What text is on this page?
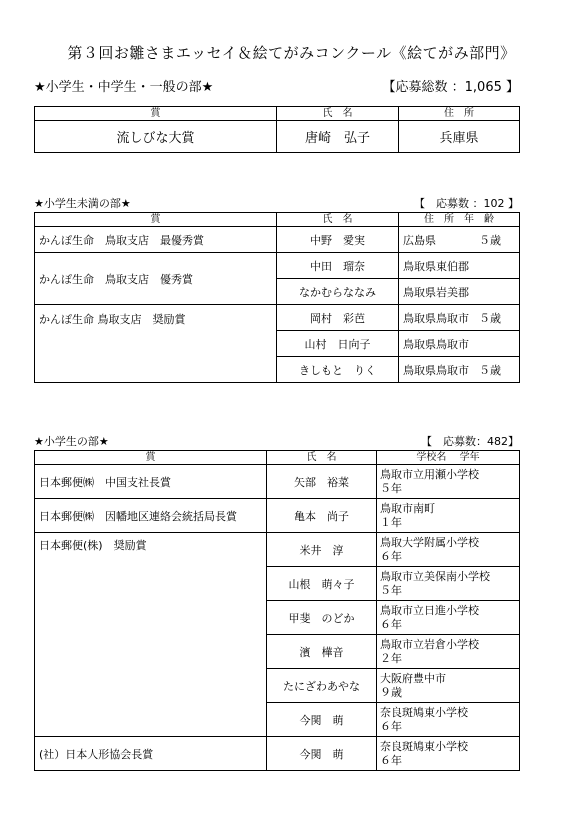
第３回お雛さまエッセイ＆絵てがみコンクール《絵てがみ部門》
★小学生・中学生・一般の部★	【応募総数 ：1,065 】
賞	氏　名	住　所
流しびな大賞	唐崎　弘子	兵庫県
★小学生未満の部★	【　応募数 ：102 】
賞	氏　名	住　所　年　齢
かんぽ生命　鳥取支店　最優秀賞	中野　愛実	広島県 ５歳

かんぽ生命　鳥取支店　優秀賞	中田　瑠奈	鳥取県東伯郡
	なかむらななみ	鳥取県岩美郡
かんぽ生命 鳥取支店　奨励賞	岡村　彩芭	鳥取県鳥取市 ５歳

	山村　日向子	鳥取県鳥取市
	きしもと　りく	鳥取県鳥取市 ５歳
★小学生の部★	【　応募数：482】
賞	氏　名	学校名　 学年
日本郵便㈱　中国支社長賞	矢部　裕菜	鳥取市立用瀬小学校
５年

日本郵便㈱　因幡地区連絡会統括局長賞	亀本　尚子	鳥取市南町
１年

日本郵便(株)　奨励賞	米井　淳	鳥取大学附属小学校
６年

	山根　萌々子	鳥取市立美保南小学校
５年

	甲斐　のどか	鳥取市立日進小学校
６年

	濱　樺音	鳥取市立岩倉小学校
２年

	たにざわあやな	大阪府豊中市
９歳

	今関　萌	奈良斑鳩東小学校
６年

(社）日本人形協会長賞	今関　萌	奈良斑鳩東小学校
６年
